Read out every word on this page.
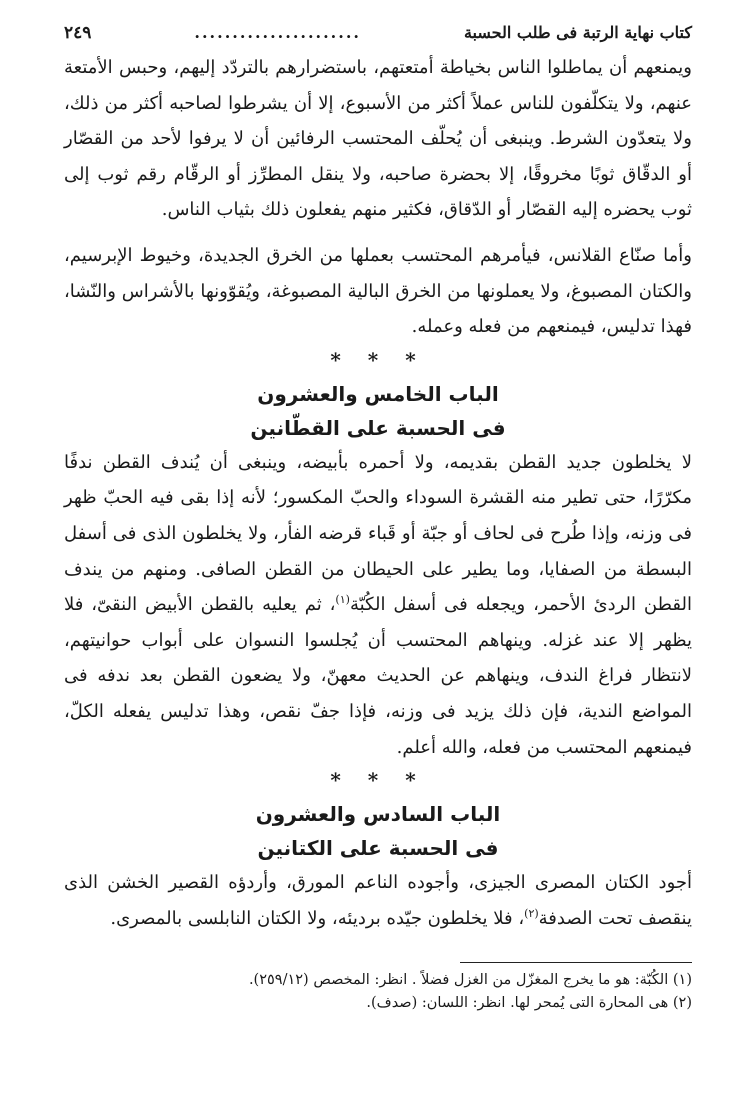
كتاب نهاية الرتبة فى طلب الحسبة
......................
٢٤٩

ويمنعهم أن يماطلوا الناس بخياطة أمتعتهم، باستضرارهم بالتردّد إليهم، وحبس الأمتعة عنهم، ولا يتكلّفون للناس عملاً أكثر من الأسبوع، إلا أن يشرطوا لصاحبه أكثر من ذلك، ولا يتعدّون الشرط. وينبغى أن يُحلّف المحتسب الرفائين أن لا يرفوا لأحد من القصّار أو الدقّاق ثوبًا مخروقًا، إلا بحضرة صاحبه، ولا ينقل المطرِّز أو الرقّام رقم ثوب إلى ثوب يحضره إليه القصّار أو الدّقاق، فكثير منهم يفعلون ذلك بثياب الناس.

وأما صنّاع القلانس، فيأمرهم المحتسب بعملها من الخرق الجديدة، وخيوط الإبرسيم، والكتان المصبوغ، ولا يعملونها من الخرق البالية المصبوغة، ويُقوّونها بالأشراس والنّشا، فهذا تدليس، فيمنعهم من فعله وعمله.

* * *
الباب الخامس والعشرون
فى الحسبة على القطّانين

لا يخلطون جديد القطن بقديمه، ولا أحمره بأبيضه، وينبغى أن يُندف القطن ندفًا مكرّرًا، حتى تطير منه القشرة السوداء والحبّ المكسور؛ لأنه إذا بقى فيه الحبّ ظهر فى وزنه، وإذا طُرح فى لحاف أو جبّة أو قَباء قرضه الفأر، ولا يخلطون الذى فى أسفل البسطة من الصفايا، وما يطير على الحيطان من القطن الصافى. ومنهم من يندف القطن الردئ الأحمر، ويجعله فى أسفل الكُبّة$^{(١)}$، ثم يعليه بالقطن الأبيض النقىّ، فلا يظهر إلا عند غزله. وينهاهم المحتسب أن يُجلسوا النسوان على أبواب حوانيتهم، لانتظار فراغ الندف، وينهاهم عن الحديث معهنّ، ولا يضعون القطن بعد ندفه فى المواضع الندية، فإن ذلك يزيد فى وزنه، فإذا جفّ نقص، وهذا تدليس يفعله الكلّ، فيمنعهم المحتسب من فعله، والله أعلم.

* * *
الباب السادس والعشرون
فى الحسبة على الكتانين

أجود الكتان المصرى الجيزى، وأجوده الناعم المورق، وأردؤه القصير الخشن الذى ينقصف تحت الصدفة$^{(٢)}$، فلا يخلطون جيّده برديئه، ولا الكتان النابلسى بالمصرى.

(١) الكُبّة: هو ما يخرج المغزّل من الغزل فضلاً . انظر: المخصص (٢٥٩/١٢).

(٢) هى المحارة التى يُمحر لها. انظر: اللسان: (صدف).
